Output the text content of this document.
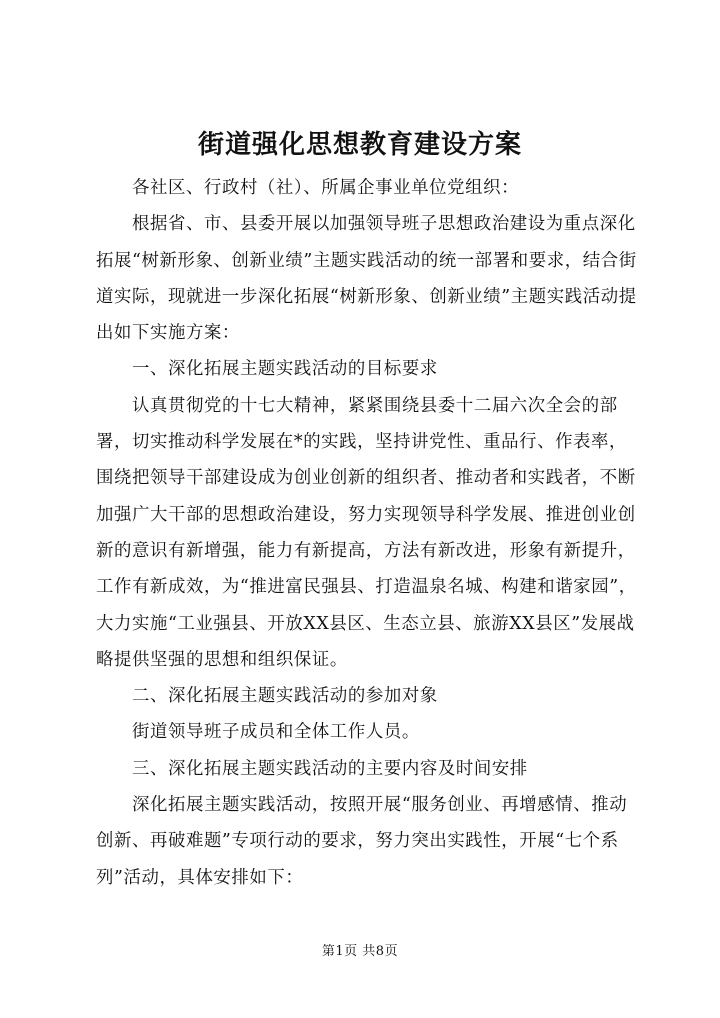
街道强化思想教育建设方案

各社区、行政村（社）、所属企事业单位党组织：

根据省、市、县委开展以加强领导班子思想政治建设为重点深化拓展“树新形象、创新业绩”主题实践活动的统一部署和要求，结合街道实际，现就进一步深化拓展“树新形象、创新业绩”主题实践活动提出如下实施方案：

一、深化拓展主题实践活动的目标要求

认真贯彻党的十七大精神，紧紧围绕县委十二届六次全会的部署，切实推动科学发展在*的实践，坚持讲党性、重品行、作表率，围绕把领导干部建设成为创业创新的组织者、推动者和实践者，不断加强广大干部的思想政治建设，努力实现领导科学发展、推进创业创新的意识有新增强，能力有新提高，方法有新改进，形象有新提升，工作有新成效，为“推进富民强县、打造温泉名城、构建和谐家园”，大力实施“工业强县、开放XX县区、生态立县、旅游XX县区”发展战略提供坚强的思想和组织保证。

二、深化拓展主题实践活动的参加对象

街道领导班子成员和全体工作人员。

三、深化拓展主题实践活动的主要内容及时间安排

深化拓展主题实践活动，按照开展“服务创业、再增感情、推动创新、再破难题”专项行动的要求，努力突出实践性，开展“七个系列”活动，具体安排如下：

第1页 共8页
